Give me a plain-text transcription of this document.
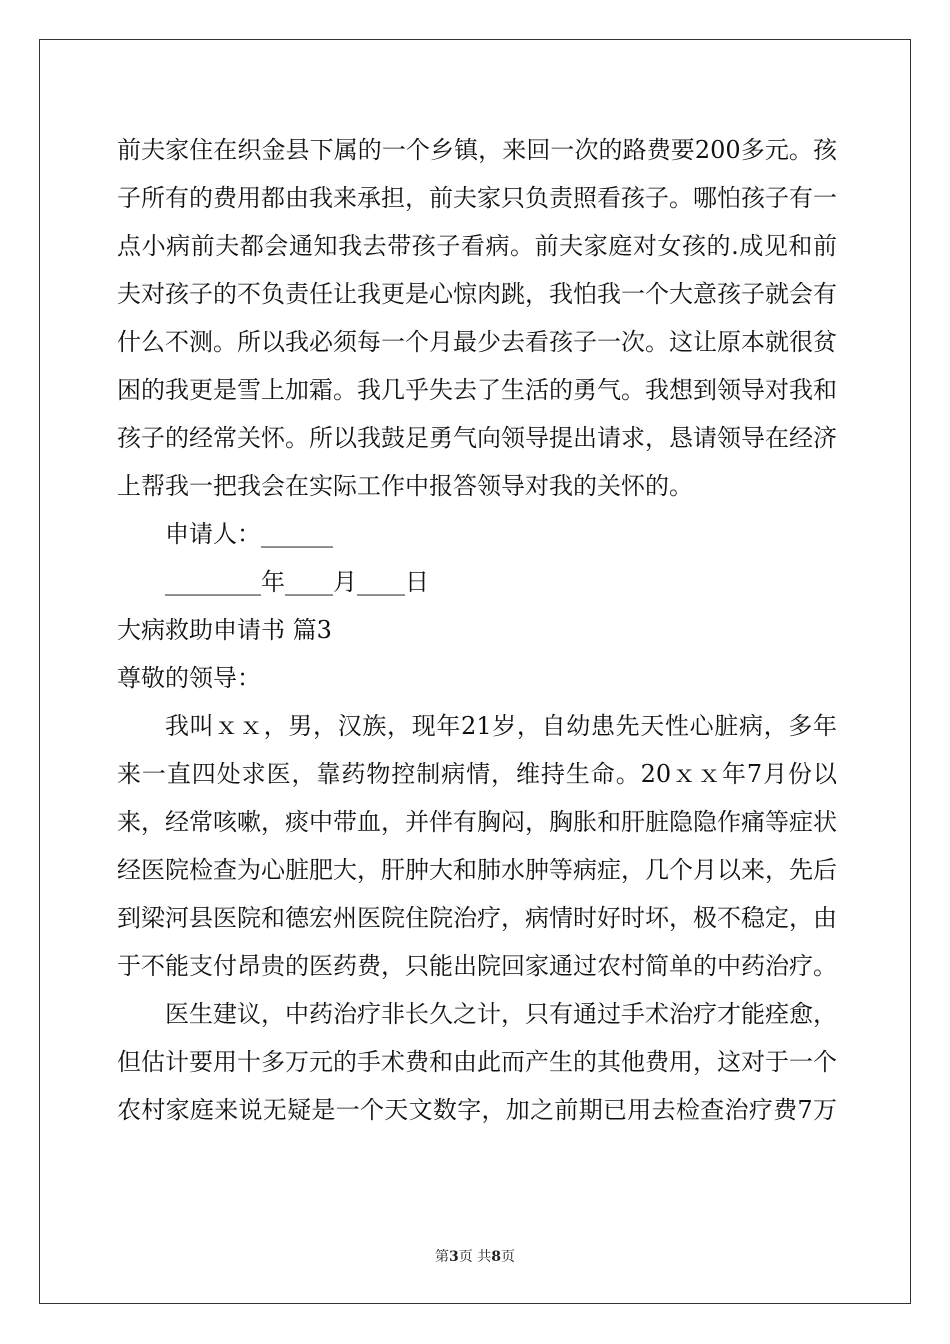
前夫家住在织金县下属的一个乡镇，来回一次的路费要200多元。孩
子所有的费用都由我来承担，前夫家只负责照看孩子。哪怕孩子有一
点小病前夫都会通知我去带孩子看病。前夫家庭对女孩的.成见和前
夫对孩子的不负责任让我更是心惊肉跳，我怕我一个大意孩子就会有
什么不测。所以我必须每一个月最少去看孩子一次。这让原本就很贫
困的我更是雪上加霜。我几乎失去了生活的勇气。我想到领导对我和
孩子的经常关怀。所以我鼓足勇气向领导提出请求，恳请领导在经济
上帮我一把我会在实际工作中报答领导对我的关怀的。
申请人：______
________年____月____日
大病救助申请书 篇3
尊敬的领导：
我叫ｘｘ，男，汉族，现年21岁，自幼患先天性心脏病，多年
来一直四处求医，靠药物控制病情，维持生命。20ｘｘ年7月份以
来，经常咳嗽，痰中带血，并伴有胸闷，胸胀和肝脏隐隐作痛等症状
经医院检查为心脏肥大，肝肿大和肺水肿等病症，几个月以来，先后
到梁河县医院和德宏州医院住院治疗，病情时好时坏，极不稳定，由
于不能支付昂贵的医药费，只能出院回家通过农村简单的中药治疗。
医生建议，中药治疗非长久之计，只有通过手术治疗才能痊愈，
但估计要用十多万元的手术费和由此而产生的其他费用，这对于一个
农村家庭来说无疑是一个天文数字，加之前期已用去检查治疗费7万
第3页 共8页
